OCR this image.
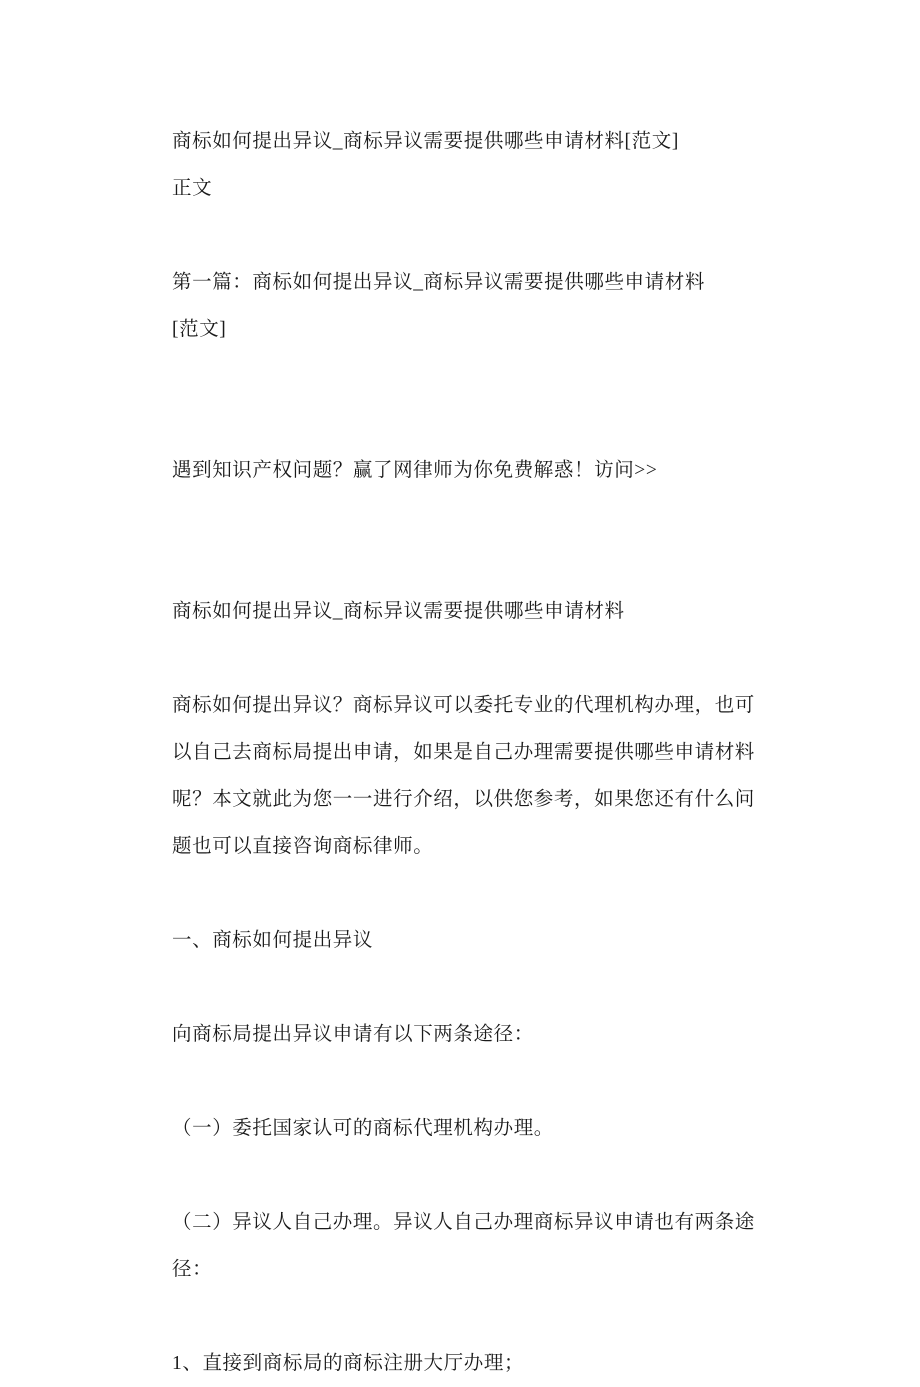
商标如何提出异议_商标异议需要提供哪些申请材料[范文]

正文

第一篇：商标如何提出异议_商标异议需要提供哪些申请材料

[范文]

遇到知识产权问题？赢了网律师为你免费解惑！访问>>

商标如何提出异议_商标异议需要提供哪些申请材料

商标如何提出异议？商标异议可以委托专业的代理机构办理，也可以自己去商标局提出申请，如果是自己办理需要提供哪些申请材料呢？本文就此为您一一进行介绍，以供您参考，如果您还有什么问题也可以直接咨询商标律师。

一、商标如何提出异议

向商标局提出异议申请有以下两条途径：

（一）委托国家认可的商标代理机构办理。

（二）异议人自己办理。异议人自己办理商标异议申请也有两条途径：

1、直接到商标局的商标注册大厅办理；
